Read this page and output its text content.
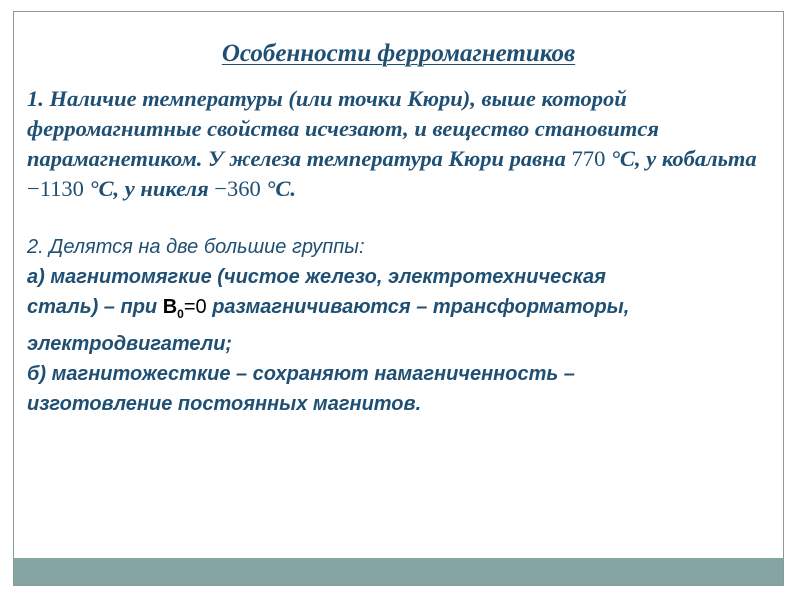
Особенности ферромагнетиков

1. Наличие температуры (или точки Кюри), выше которой ферромагнитные свойства исчезают, и вещество становится парамагнетиком. У железа температура Кюри равна 770 °С, у кобальта −1130 °С, у никеля −360 °С.

2. Делятся на две большие группы:
а) магнитомягкие (чистое железо, электротехническая
сталь) – при $В_0=0$ размагничиваются – трансформаторы,
электродвигатели;
б) магнитожесткие – сохраняют намагниченность –
изготовление постоянных магнитов.
